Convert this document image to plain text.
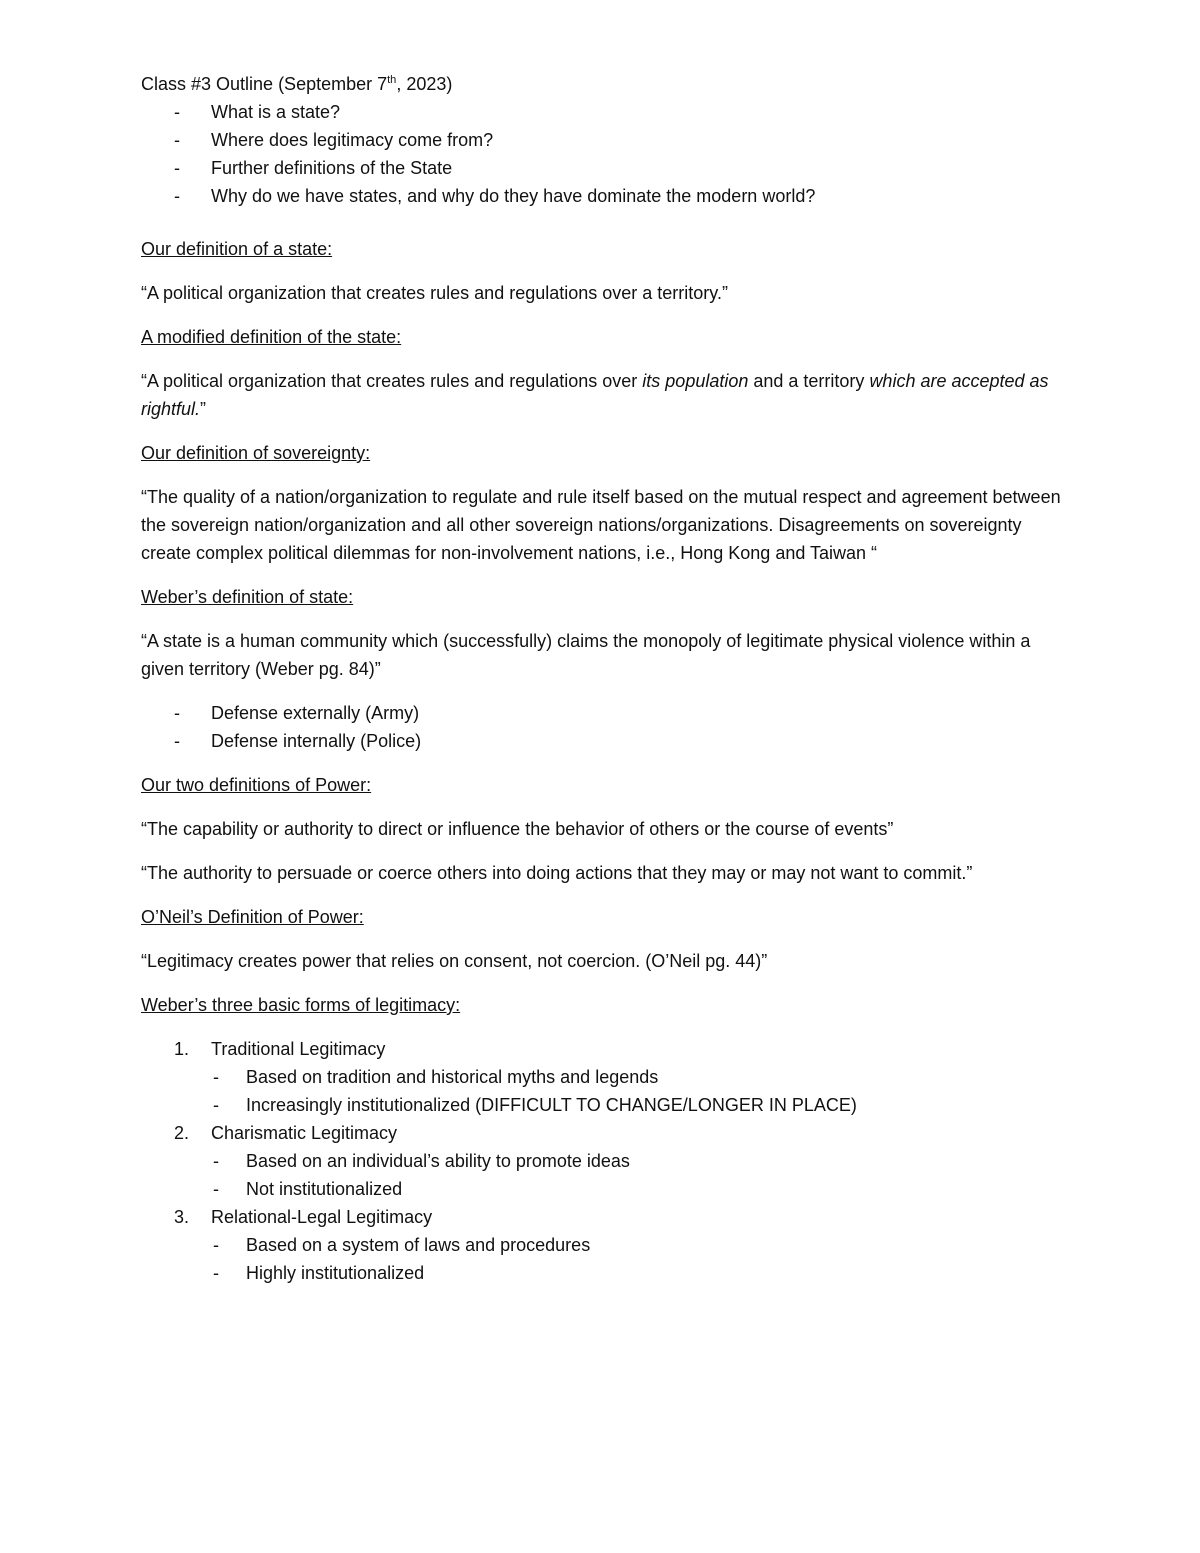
Class #3 Outline (September 7th, 2023)

- What is a state?
- Where does legitimacy come from?
- Further definitions of the State
- Why do we have states, and why do they have dominate the modern world?

Our definition of a state:

“A political organization that creates rules and regulations over a territory.”

A modified definition of the state:

“A political organization that creates rules and regulations over its population and a territory which are accepted as rightful.”

Our definition of sovereignty:

“The quality of a nation/organization to regulate and rule itself based on the mutual respect and agreement between the sovereign nation/organization and all other sovereign nations/organizations. Disagreements on sovereignty create complex political dilemmas for non-involvement nations, i.e., Hong Kong and Taiwan “

Weber’s definition of state:

“A state is a human community which (successfully) claims the monopoly of legitimate physical violence within a given territory (Weber pg. 84)”

- Defense externally (Army)
- Defense internally (Police)

Our two definitions of Power:

“The capability or authority to direct or influence the behavior of others or the course of events”

“The authority to persuade or coerce others into doing actions that they may or may not want to commit.”

O’Neil’s Definition of Power:

“Legitimacy creates power that relies on consent, not coercion. (O’Neil pg. 44)”

Weber’s three basic forms of legitimacy:

1. Traditional Legitimacy
- Based on tradition and historical myths and legends
- Increasingly institutionalized (DIFFICULT TO CHANGE/LONGER IN PLACE)
2. Charismatic Legitimacy
- Based on an individual’s ability to promote ideas
- Not institutionalized
3. Relational-Legal Legitimacy
- Based on a system of laws and procedures
- Highly institutionalized
